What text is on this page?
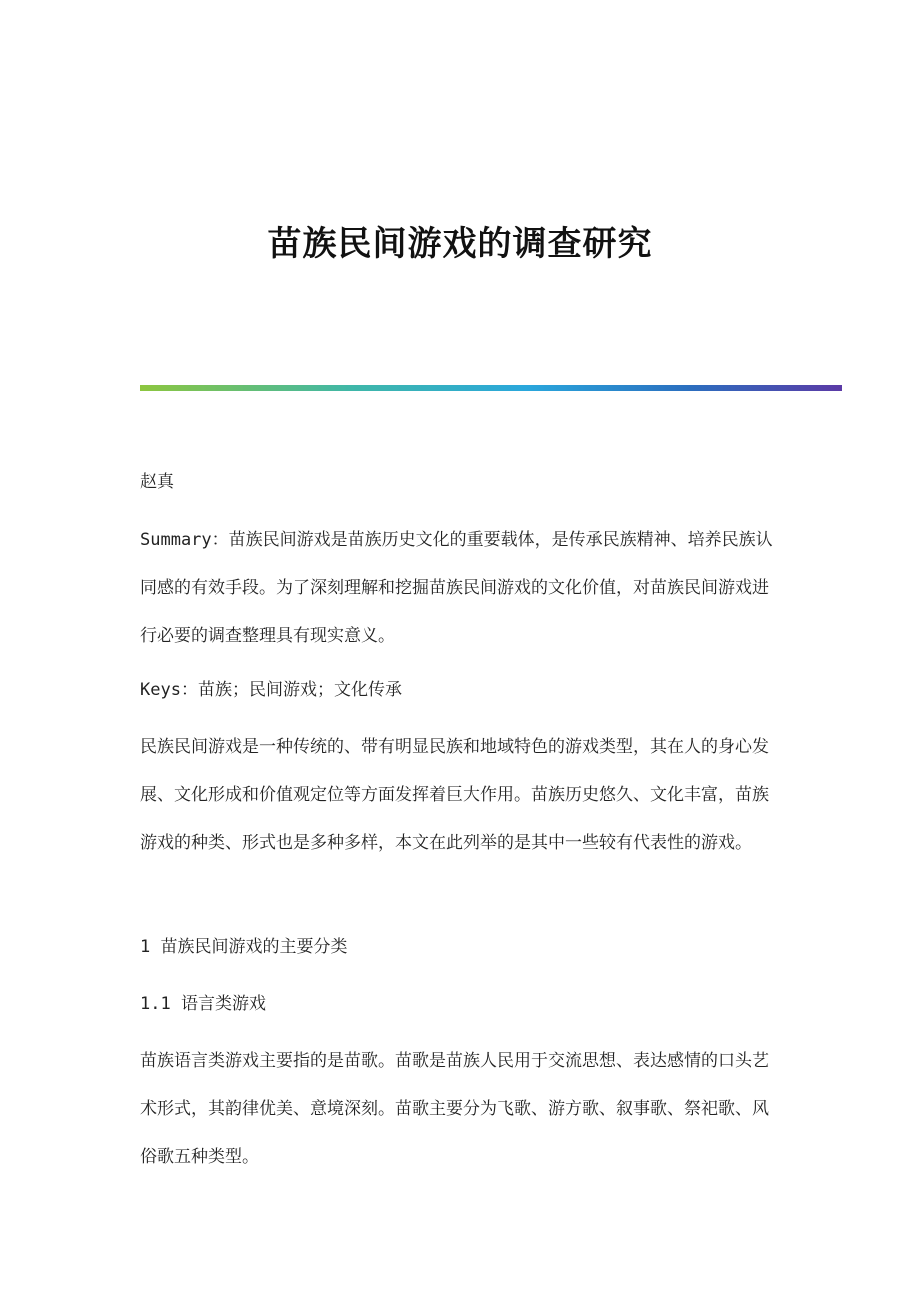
苗族民间游戏的调查研究

赵真

Summary：苗族民间游戏是苗族历史文化的重要载体，是传承民族精神、培养民族认同感的有效手段。为了深刻理解和挖掘苗族民间游戏的文化价值，对苗族民间游戏进行必要的调查整理具有现实意义。

Keys：苗族；民间游戏；文化传承

民族民间游戏是一种传统的、带有明显民族和地域特色的游戏类型，其在人的身心发展、文化形成和价值观定位等方面发挥着巨大作用。苗族历史悠久、文化丰富，苗族游戏的种类、形式也是多种多样，本文在此列举的是其中一些较有代表性的游戏。

1 苗族民间游戏的主要分类

1.1 语言类游戏

苗族语言类游戏主要指的是苗歌。苗歌是苗族人民用于交流思想、表达感情的口头艺术形式，其韵律优美、意境深刻。苗歌主要分为飞歌、游方歌、叙事歌、祭祀歌、风俗歌五种类型。
